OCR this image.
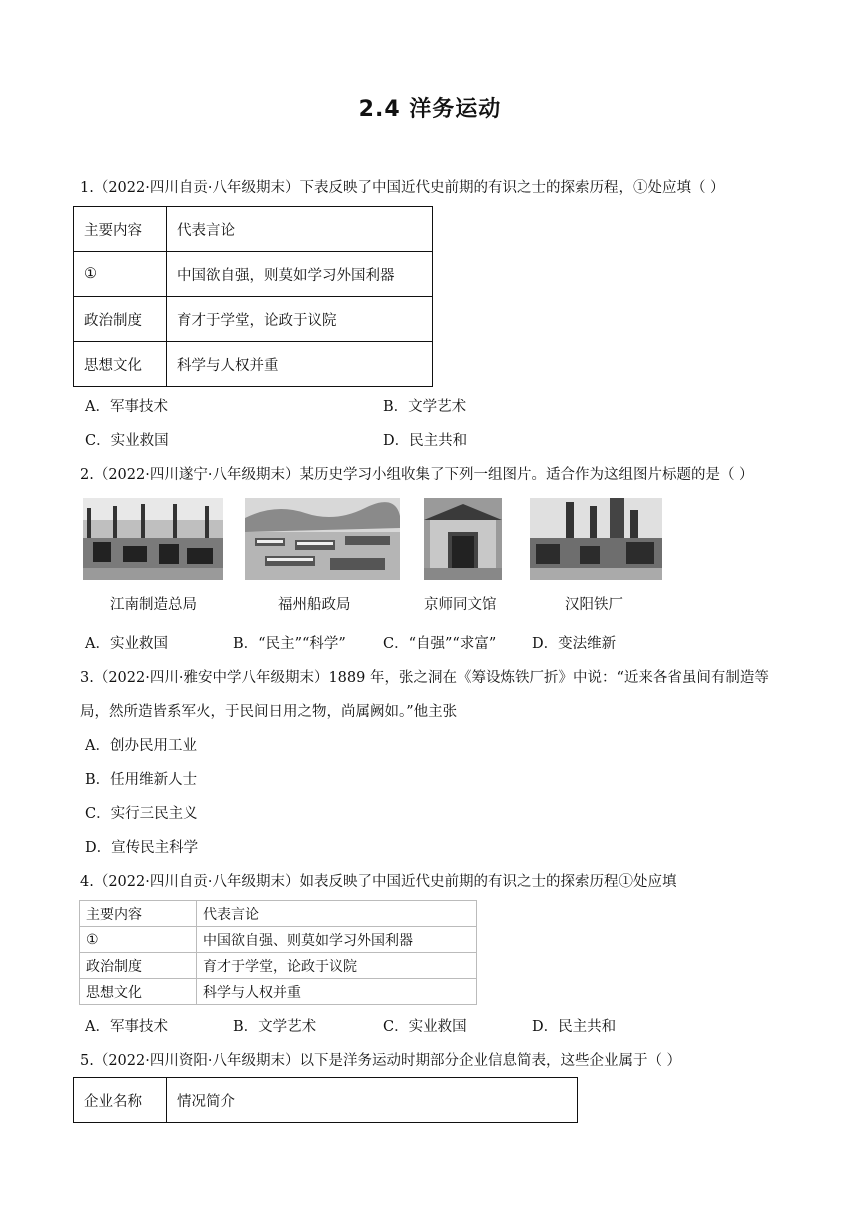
2.4 洋务运动
1.（2022·四川自贡·八年级期末）下表反映了中国近代史前期的有识之士的探索历程，①处应填（ ）
主要内容	代表言论
①	中国欲自强，则莫如学习外国利器
政治制度	育才于学堂，论政于议院
思想文化	科学与人权并重
A．军事技术	B．文学艺术
C．实业救国	D．民主共和
2.（2022·四川遂宁·八年级期末）某历史学习小组收集了下列一组图片。适合作为这组图片标题的是（ ）
江南制造总局	福州船政局	京师同文馆	汉阳铁厂
A．实业救国	B．“民主”“科学”	C．“自强”“求富” D．变法维新
3.（2022·四川·雅安中学八年级期末）1889 年，张之洞在《筹设炼铁厂折》中说：“近来各省虽间有制造等
局，然所造皆系军火，于民间日用之物，尚属阙如。”他主张
A．创办民用工业
B．任用维新人士
C．实行三民主义
D．宣传民主科学
4.（2022·四川自贡·八年级期末）如表反映了中国近代史前期的有识之士的探索历程①处应填
主要内容	代表言论
①	中国欲自强、则莫如学习外国利器
政治制度	育才于学堂，论政于议院
思想文化	科学与人权并重
A．军事技术	B．文学艺术	C．实业救国	D．民主共和
5.（2022·四川资阳·八年级期末）以下是洋务运动时期部分企业信息简表，这些企业属于（ ）
企业名称	情况简介
